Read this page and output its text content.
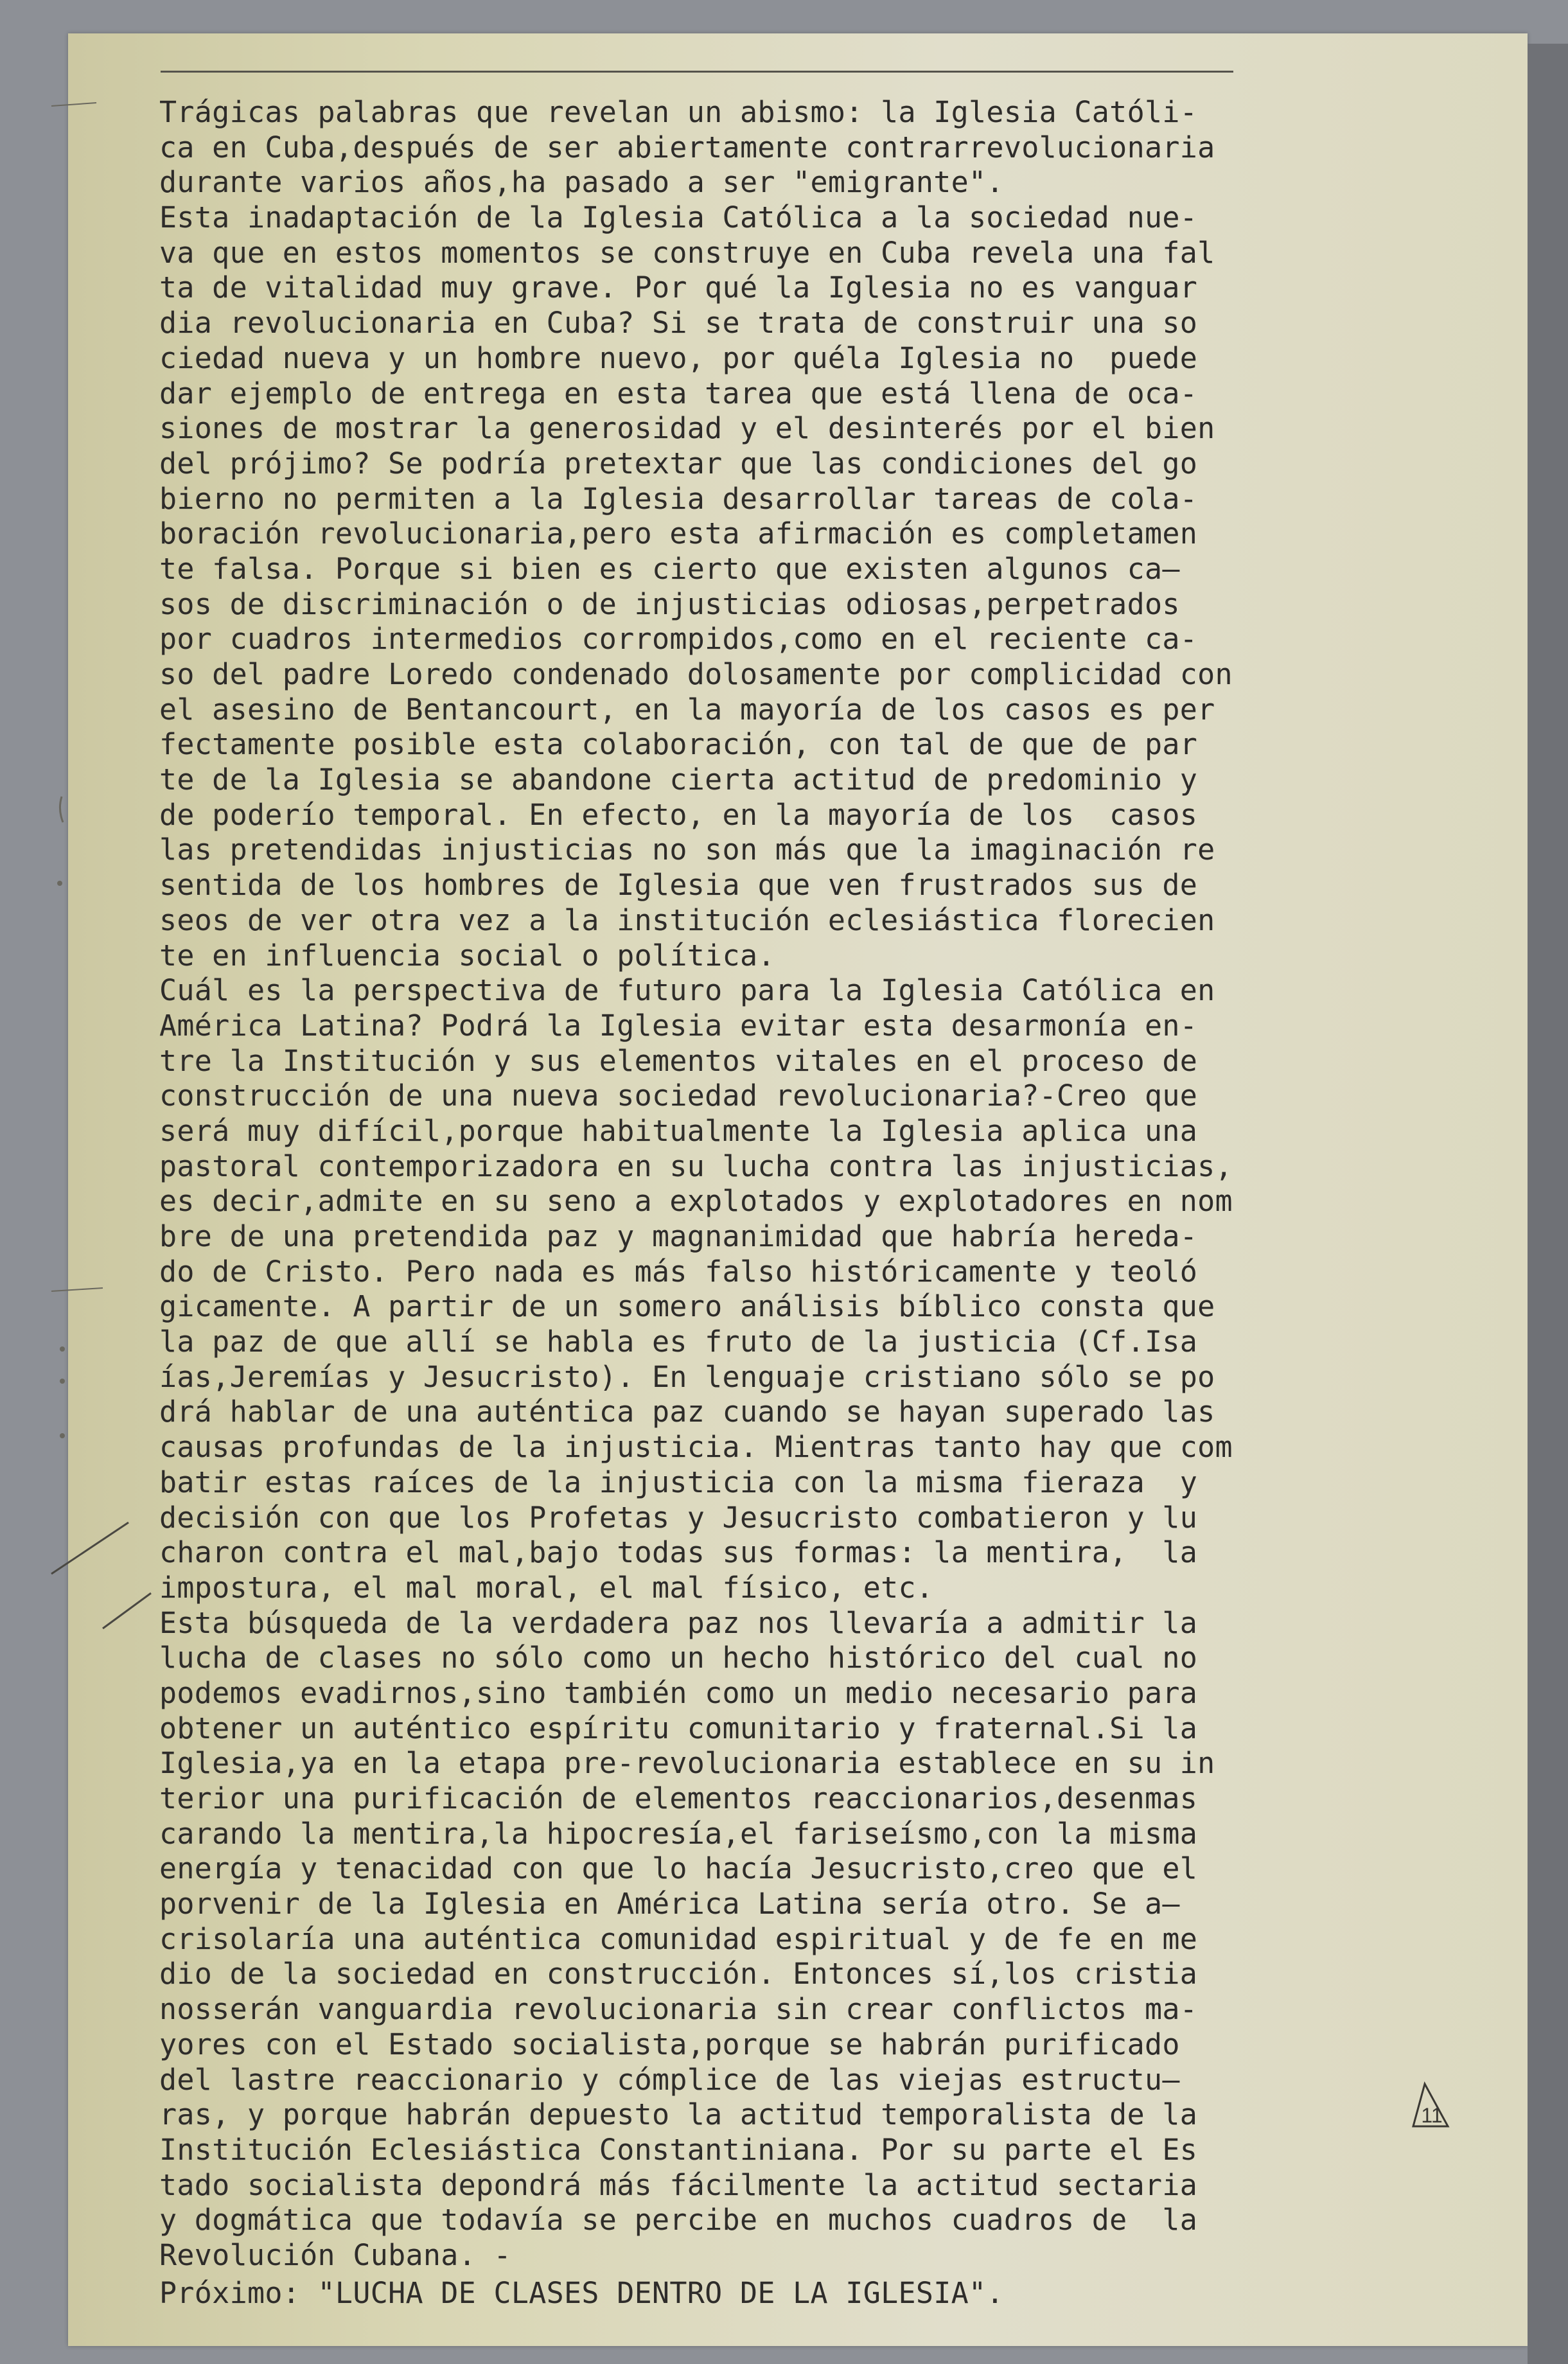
Trágicas palabras que revelan un abismo: la Iglesia Católi-
ca en Cuba,después de ser abiertamente contrarrevolucionaria
durante varios años,ha pasado a ser "emigrante".
Esta inadaptación de la Iglesia Católica a la sociedad nue-
va que en estos momentos se construye en Cuba revela una fal
ta de vitalidad muy grave. Por qué la Iglesia no es vanguar
dia revolucionaria en Cuba? Si se trata de construir una so
ciedad nueva y un hombre nuevo, por quéla Iglesia no  puede
dar ejemplo de entrega en esta tarea que está llena de oca-
siones de mostrar la generosidad y el desinterés por el bien
del prójimo? Se podría pretextar que las condiciones del go
bierno no permiten a la Iglesia desarrollar tareas de cola-
boración revolucionaria,pero esta afirmación es completamen
te falsa. Porque si bien es cierto que existen algunos ca—
sos de discriminación o de injusticias odiosas,perpetrados
por cuadros intermedios corrompidos,como en el reciente ca-
so del padre Loredo condenado dolosamente por complicidad con
el asesino de Bentancourt, en la mayoría de los casos es per
fectamente posible esta colaboración, con tal de que de par
te de la Iglesia se abandone cierta actitud de predominio y
de poderío temporal. En efecto, en la mayoría de los  casos
las pretendidas injusticias no son más que la imaginación re
sentida de los hombres de Iglesia que ven frustrados sus de
seos de ver otra vez a la institución eclesiástica florecien
te en influencia social o política.
Cuál es la perspectiva de futuro para la Iglesia Católica en
América Latina? Podrá la Iglesia evitar esta desarmonía en-
tre la Institución y sus elementos vitales en el proceso de
construcción de una nueva sociedad revolucionaria?-Creo que
será muy difícil,porque habitualmente la Iglesia aplica una
pastoral contemporizadora en su lucha contra las injusticias,
es decir,admite en su seno a explotados y explotadores en nom
bre de una pretendida paz y magnanimidad que habría hereda-
do de Cristo. Pero nada es más falso históricamente y teoló
gicamente. A partir de un somero análisis bíblico consta que
la paz de que allí se habla es fruto de la justicia (Cf.Isa
ías,Jeremías y Jesucristo). En lenguaje cristiano sólo se po
drá hablar de una auténtica paz cuando se hayan superado las
causas profundas de la injusticia. Mientras tanto hay que com
batir estas raíces de la injusticia con la misma fieraza  y
decisión con que los Profetas y Jesucristo combatieron y lu
charon contra el mal,bajo todas sus formas: la mentira,  la
impostura, el mal moral, el mal físico, etc.
Esta búsqueda de la verdadera paz nos llevaría a admitir la
lucha de clases no sólo como un hecho histórico del cual no
podemos evadirnos,sino también como un medio necesario para
obtener un auténtico espíritu comunitario y fraternal.Si la
Iglesia,ya en la etapa pre-revolucionaria establece en su in
terior una purificación de elementos reaccionarios,desenmas
carando la mentira,la hipocresía,el fariseísmo,con la misma
energía y tenacidad con que lo hacía Jesucristo,creo que el
porvenir de la Iglesia en América Latina sería otro. Se a—
crisolaría una auténtica comunidad espiritual y de fe en me
dio de la sociedad en construcción. Entonces sí,los cristia
nosserán vanguardia revolucionaria sin crear conflictos ma-
yores con el Estado socialista,porque se habrán purificado
del lastre reaccionario y cómplice de las viejas estructu—
ras, y porque habrán depuesto la actitud temporalista de la
Institución Eclesiástica Constantiniana. Por su parte el Es
tado socialista depondrá más fácilmente la actitud sectaria
y dogmática que todavía se percibe en muchos cuadros de  la
Revolución Cubana. -
Próximo: "LUCHA DE CLASES DENTRO DE LA IGLESIA".
11
